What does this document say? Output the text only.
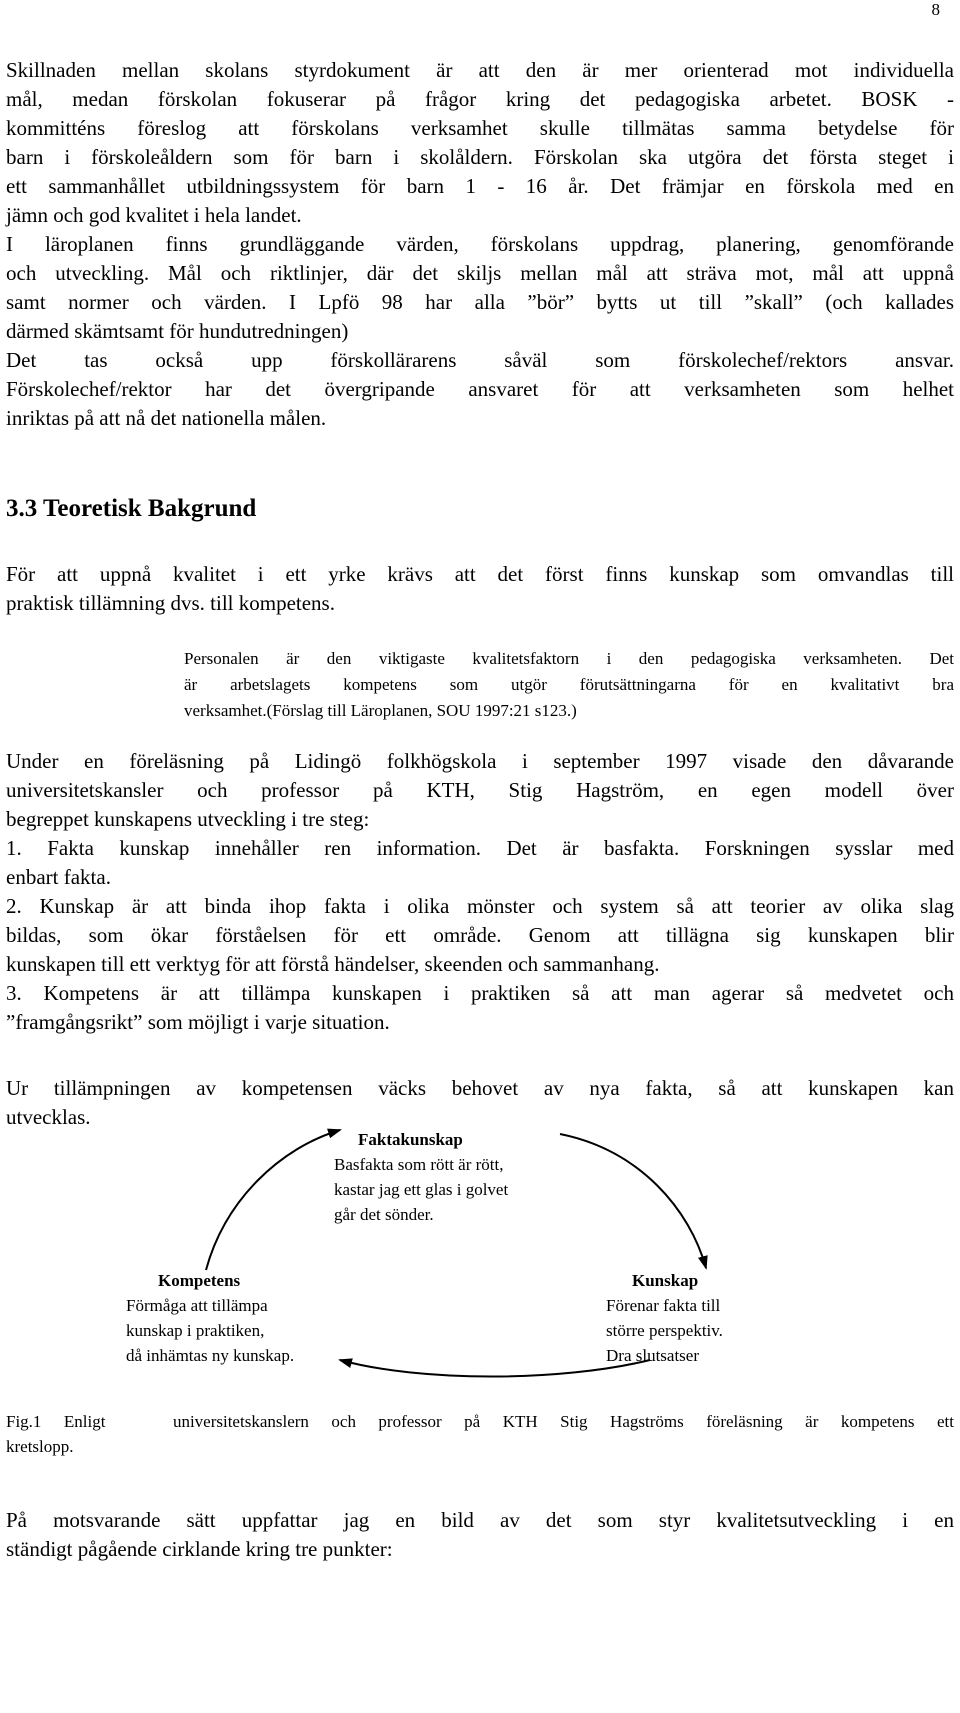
8
Skillnaden mellan skolans styrdokument är att den är mer orienterad mot individuella
mål, medan förskolan fokuserar på frågor kring det pedagogiska arbetet. BOSK -
kommitténs föreslog att förskolans verksamhet skulle tillmätas samma betydelse för
barn i förskoleåldern som för barn i skolåldern. Förskolan ska utgöra det första steget i
ett sammanhållet utbildningssystem för barn 1 - 16 år. Det främjar en förskola med en
jämn och god kvalitet i hela landet.
I läroplanen finns grundläggande värden, förskolans uppdrag, planering, genomförande
och utveckling. Mål och riktlinjer, där det skiljs mellan mål att sträva mot, mål att uppnå
samt normer och värden. I Lpfö 98 har alla ”bör” bytts ut till ”skall” (och kallades
därmed skämtsamt för hundutredningen)
Det tas också upp förskollärarens såväl som förskolechef/rektors ansvar.
Förskolechef/rektor har det övergripande ansvaret för att verksamheten som helhet
inriktas på att nå det nationella målen.
3.3 Teoretisk Bakgrund
För att uppnå kvalitet i ett yrke krävs att det först finns kunskap som omvandlas till
praktisk tillämning dvs. till kompetens.
Personalen är den viktigaste kvalitetsfaktorn i den pedagogiska verksamheten. Det
är arbetslagets kompetens som utgör förutsättningarna för en kvalitativt bra
verksamhet.(Förslag till Läroplanen, SOU 1997:21 s123.)
Under en föreläsning på Lidingö folkhögskola i september 1997 visade den dåvarande
universitetskansler och professor på KTH, Stig Hagström, en egen modell över
begreppet kunskapens utveckling i tre steg:
1. Fakta kunskap innehåller ren information. Det är basfakta. Forskningen sysslar med
enbart fakta.
2. Kunskap är att binda ihop fakta i olika mönster och system så att teorier av olika slag
bildas, som ökar förståelsen för ett område. Genom att tillägna sig kunskapen blir
kunskapen till ett verktyg för att förstå händelser, skeenden och sammanhang.
3. Kompetens är att tillämpa kunskapen i praktiken så att man agerar så medvetet och
”framgångsrikt” som möjligt i varje situation.
Ur tillämpningen av kompetensen väcks behovet av nya fakta, så att kunskapen kan
utvecklas.
Faktakunskap
Basfakta som rött är rött,
kastar jag ett glas i golvet
går det sönder.
Kompetens
Förmåga att tillämpa
kunskap i praktiken,
då inhämtas ny kunskap.
Kunskap
Förenar fakta till
större perspektiv.
Dra slutsatser
Fig.1 Enligt   universitetskanslern och professor på KTH Stig Hagströms föreläsning är kompetens ett
kretslopp.
På motsvarande sätt uppfattar jag en bild av det som styr kvalitetsutveckling i en
ständigt pågående cirklande kring tre punkter:
